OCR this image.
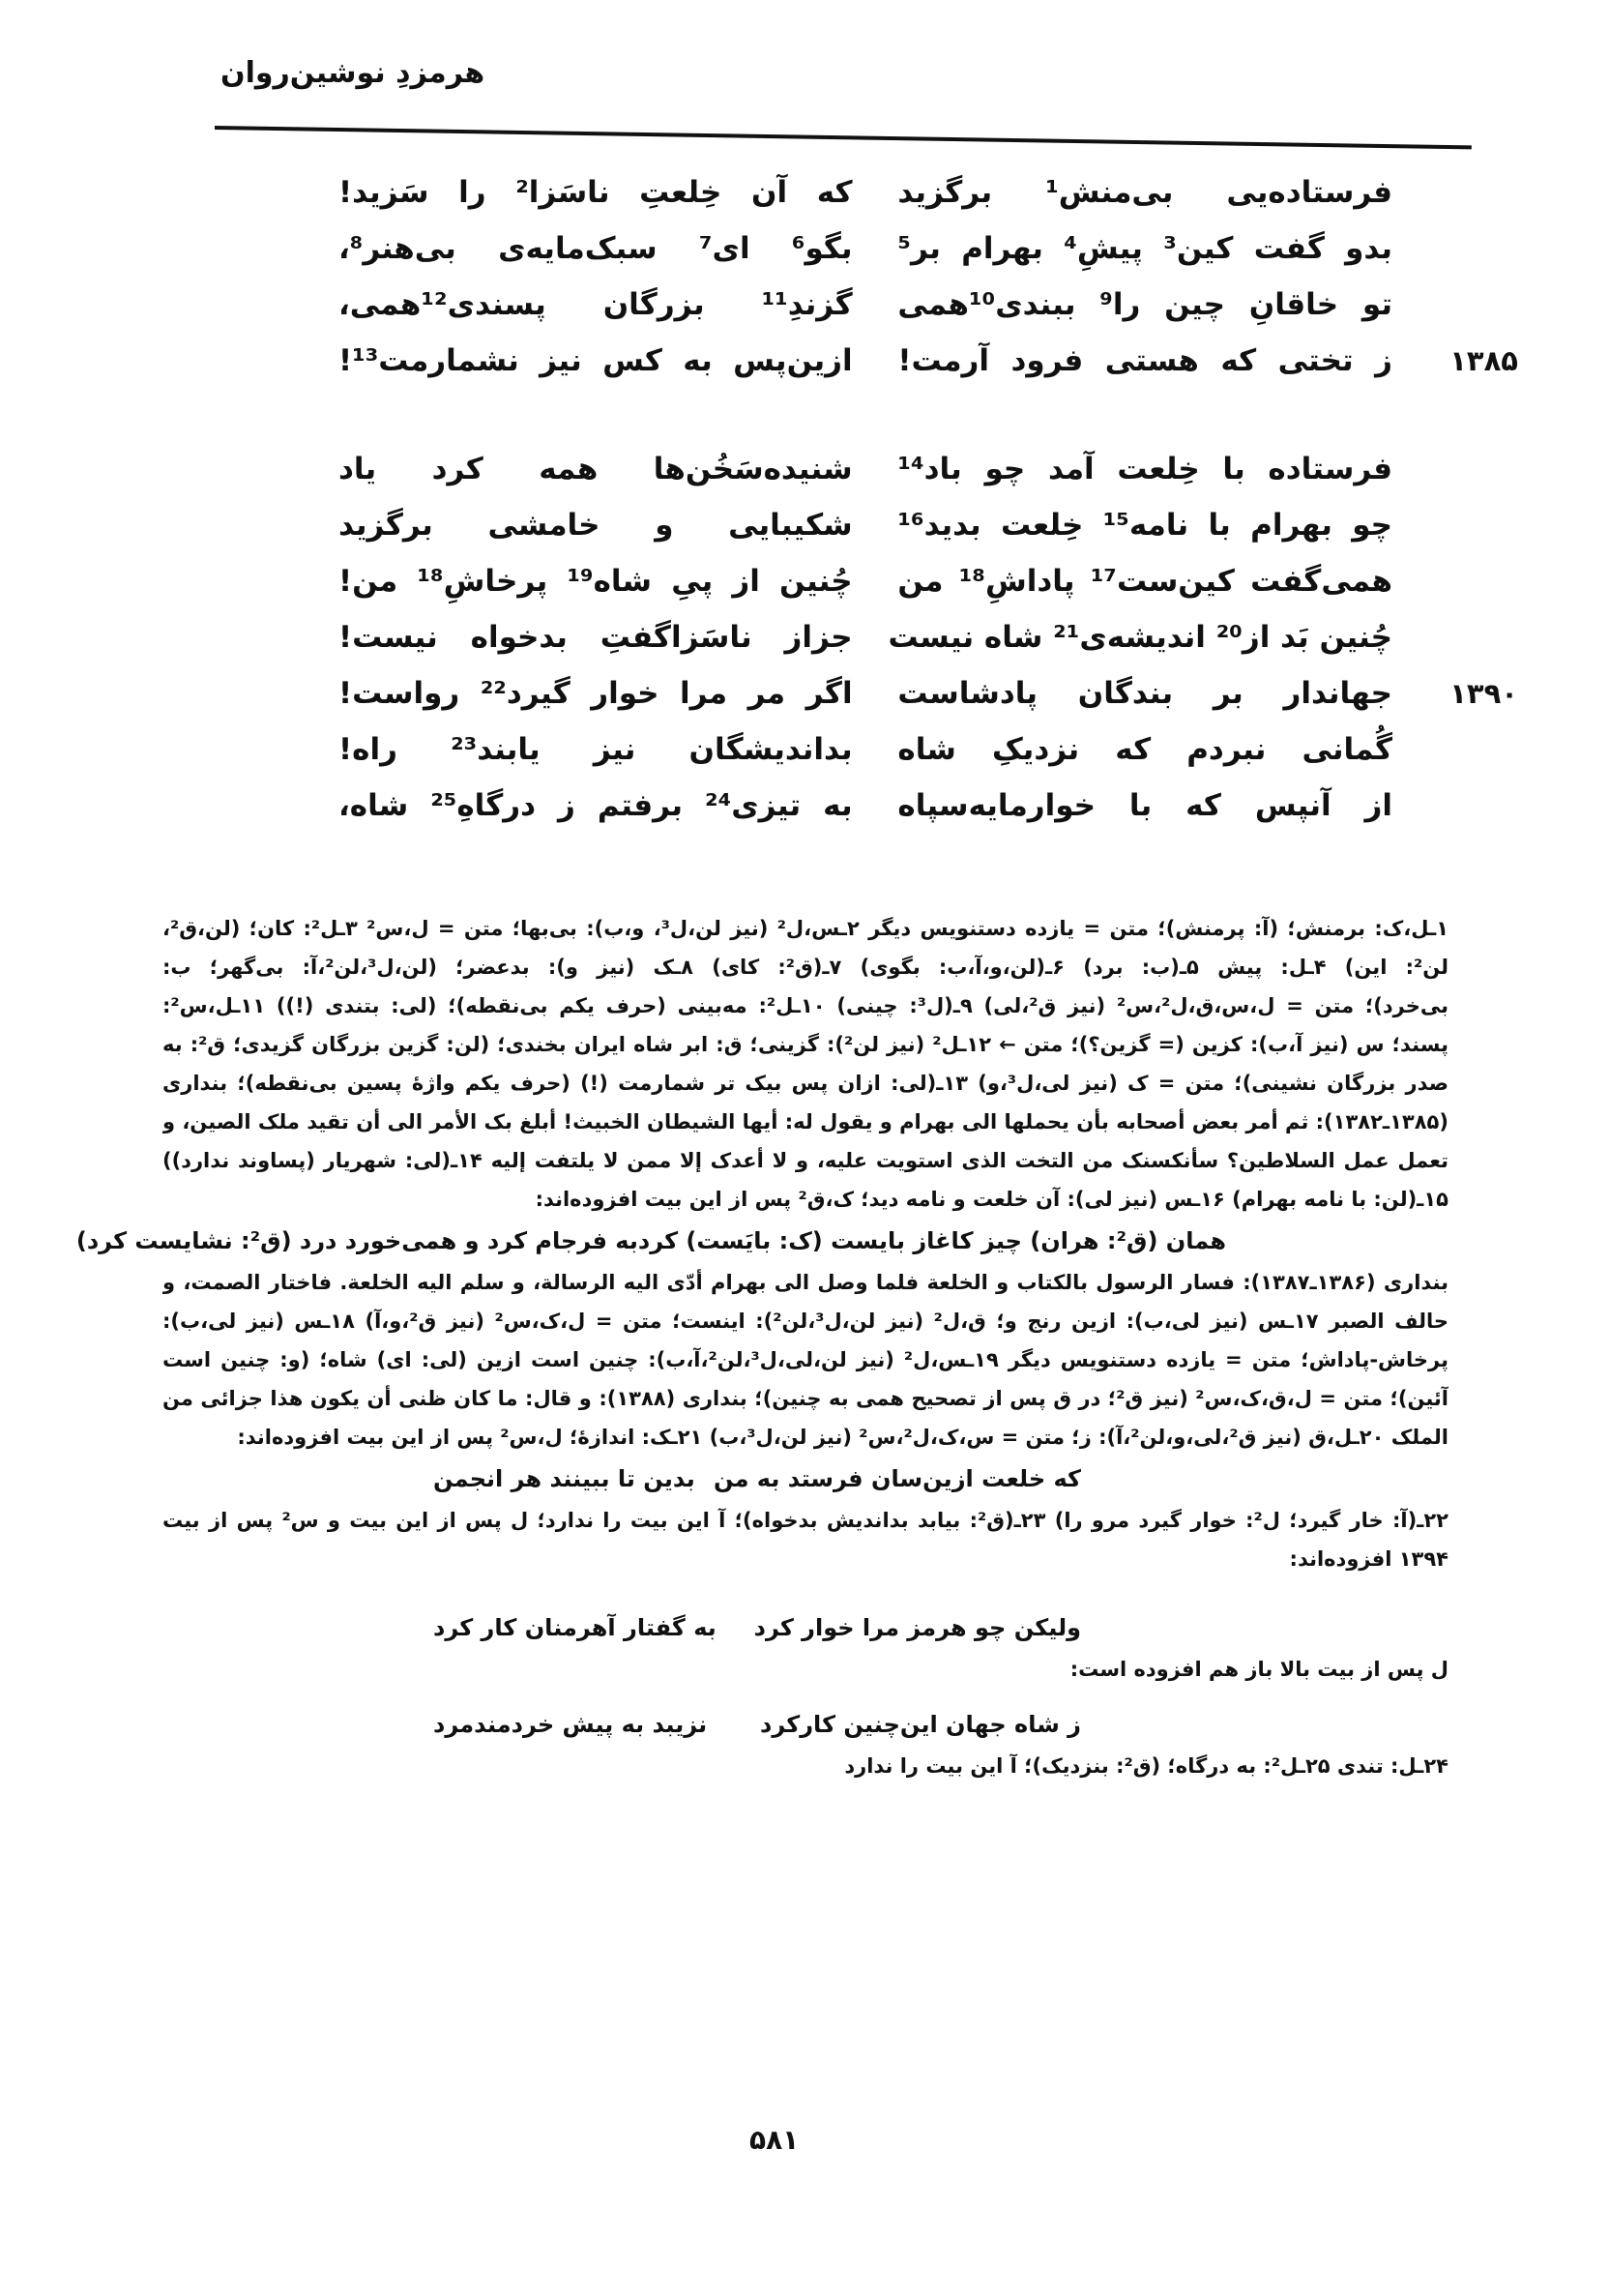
هرمزدِ نوشین‌روان
فرستاده‌یی بی‌منش¹ برگزید
که آن خِلعتِ ناسَزا² را سَزید!
بدو گفت کین³ پیشِ⁴ بهرام بر⁵
بگو⁶ ای⁷ سبک‌مایه‌ی بی‌هنر⁸،
تو خاقانِ چین را⁹ ببندی¹⁰همی
گزندِ¹¹ بزرگان پسندی¹²همی،
۱۳۸۵
ز تختی که هستی فرود آرمت!
ازین‌پس به کس نیز نشمارمت¹³!
فرستاده با خِلعت آمد چو باد¹⁴
شنیده‌سَخُن‌ها همه کرد یاد
چو بهرام با نامه¹⁵ خِلعت بدید¹⁶
شکیبایی و خامشی برگزید
همی‌گفت کین‌ست¹⁷ پاداشِ¹⁸ من
چُنین از پیِ شاه¹⁹ پرخاشِ¹⁸ من!
چُنین بَد از²⁰ اندیشه‌ی²¹ شاه نیست
جزاز ناسَزاگفتِ بدخواه نیست!
۱۳۹۰
جهاندار بر بندگان پادشاست
اگر مر مرا خوار گیرد²² رواست!
گُمانی نبردم که نزدیکِ شاه
بداندیشگان نیز یابند²³ راه!
از آنپس که با خوارمایه‌سپاه
به تیزی²⁴ برفتم ز درگاهِ²⁵ شاه،
۱ـل،ک: برمنش؛ (آ: پرمنش)؛ متن = یازده دستنویس دیگر ۲ـس،ل² (نیز لن،ل³، و،ب): بی‌بها؛ متن = ل،س² ۳ـل²: کان؛ (لن،ق²،
لن²: این) ۴ـل: پیش ۵ـ(ب: برد) ۶ـ(لن،و،آ،ب: بگوی) ۷ـ(ق²: کای) ۸ـک (نیز و): بدعضر؛ (لن،ل³،لن²،آ: بی‌گهر؛ ب:
بی‌خرد)؛ متن = ل،س،ق،ل²،س² (نیز ق²،لی) ۹ـ(ل³: چینی) ۱۰ـل²: مه‌بینی (حرف یکم بی‌نقطه)؛ (لی: بتندی (!)) ۱۱ـل،س²:
پسند؛ س (نیز آ،ب): کزین (= گزین؟)؛ متن ← ۱۲ـل² (نیز لن²): گزینی؛ ق: ابر شاه ایران بخندی؛ (لن: گزین بزرگان گزیدی؛ ق²: به
صدر بزرگان نشینی)؛ متن = ک (نیز لی،ل³،و) ۱۳ـ(لی: ازان پس بیک تر شمارمت (!) (حرف یکم واژهٔ پسین بی‌نقطه)؛ بنداری
(۱۳۸۵ـ۱۳۸۲): ثم أمر بعض أصحابه بأن یحملها الی بهرام و یقول له: أیها الشیطان الخبیث! أبلغ بک الأمر الی أن تقید ملک الصین، و
تعمل عمل السلاطین؟ سأنکسنک من التخت الذی استویت علیه، و لا أعدک إلا ممن لا یلتفت إلیه ۱۴ـ(لی: شهریار (پساوند ندارد))
۱۵ـ(لن: با نامه بهرام) ۱۶ـس (نیز لی): آن خلعت و نامه دید؛ ک،ق² پس از این بیت افزوده‌اند:
همان (ق²: هران) چیز کاغاز بایست (ک: بایَست) کرد
به فرجام کرد و همی‌خورد درد (ق²: نشایست کرد)
بنداری (۱۳۸۶ـ۱۳۸۷): فسار الرسول بالکتاب و الخلعة فلما وصل الی بهرام أدّی الیه الرسالة، و سلم الیه الخلعة. فاختار الصمت، و
حالف الصبر ۱۷ـس (نیز لی،ب): ازین رنج و؛ ق،ل² (نیز لن،ل³،لن²): اینست؛ متن = ل،ک،س² (نیز ق²،و،آ) ۱۸ـس (نیز لی،ب):
پرخاش-پاداش؛ متن = یازده دستنویس دیگر ۱۹ـس،ل² (نیز لن،لی،ل³،لن²،آ،ب): چنین است ازین (لی: ای) شاه؛ (و: چنین است
آئین)؛ متن = ل،ق،ک،س² (نیز ق²؛ در ق پس از تصحیح همی به چنین)؛ بنداری (۱۳۸۸): و قال: ما کان ظنی أن یکون هذا جزائی من
الملک ۲۰ـل،ق (نیز ق²،لی،و،لن²،آ): ز؛ متن = س،ک،ل²،س² (نیز لن،ل³،ب) ۲۱ـک: اندازهٔ؛ ل،س² پس از این بیت افزوده‌اند:
که خلعت ازین‌سان فرستد به من
بدین تا ببینند هر انجمن
۲۲ـ(آ: خار گیرد؛ ل²: خوار گیرد مرو را) ۲۳ـ(ق²: بیابد بداندیش بدخواه)؛ آ این بیت را ندارد؛ ل پس از این بیت و س² پس از بیت
۱۳۹۴ افزوده‌اند:
ولیکن چو هرمز مرا خوار کرد
به گفتار آهرمنان کار کرد
ل پس از بیت بالا باز هم افزوده است:
ز شاه جهان این‌چنین کارکرد
نزیبد به پیش خردمندمرد
۲۴ـل: تندی ۲۵ـل²: به درگاه؛ (ق²: بنزدیک)؛ آ این بیت را ندارد
۵۸۱
